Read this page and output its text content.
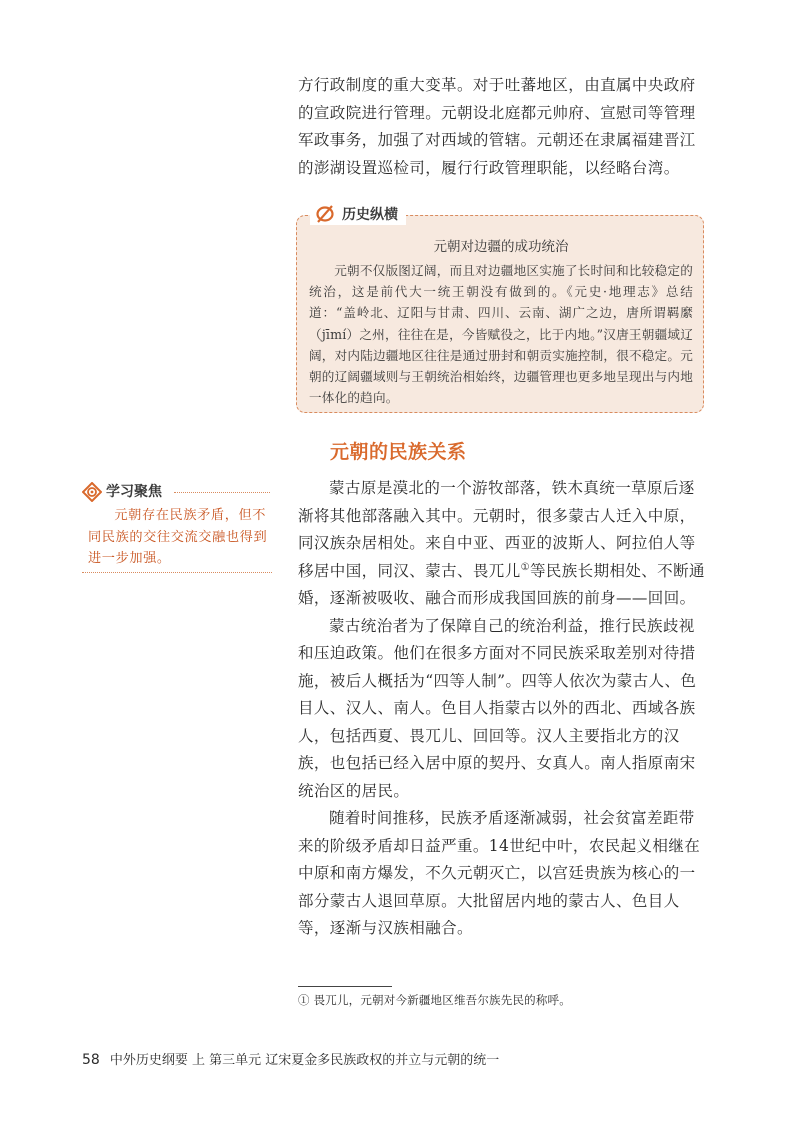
方行政制度的重大变革。对于吐蕃地区，由直属中央政府的宣政院进行管理。元朝设北庭都元帅府、宣慰司等管理军政事务，加强了对西域的管辖。元朝还在隶属福建晋江的澎湖设置巡检司，履行行政管理职能，以经略台湾。

历史纵横
元朝对边疆的成功统治

元朝不仅版图辽阔，而且对边疆地区实施了长时间和比较稳定的统治，这是前代大一统王朝没有做到的。《元史·地理志》总结道：“盖岭北、辽阳与甘肃、四川、云南、湖广之边，唐所谓羁縻（jīmí）之州，往往在是，今皆赋役之，比于内地。”汉唐王朝疆域辽阔，对内陆边疆地区往往是通过册封和朝贡实施控制，很不稳定。元朝的辽阔疆域则与王朝统治相始终，边疆管理也更多地呈现出与内地一体化的趋向。

元朝的民族关系
学习聚焦

元朝存在民族矛盾，但不同民族的交往交流交融也得到进一步加强。

蒙古原是漠北的一个游牧部落，铁木真统一草原后逐渐将其他部落融入其中。元朝时，很多蒙古人迁入中原，同汉族杂居相处。来自中亚、西亚的波斯人、阿拉伯人等移居中国，同汉、蒙古、畏兀儿①等民族长期相处、不断通婚，逐渐被吸收、融合而形成我国回族的前身——回回。

蒙古统治者为了保障自己的统治利益，推行民族歧视和压迫政策。他们在很多方面对不同民族采取差别对待措施，被后人概括为“四等人制”。四等人依次为蒙古人、色目人、汉人、南人。色目人指蒙古以外的西北、西域各族人，包括西夏、畏兀儿、回回等。汉人主要指北方的汉族，也包括已经入居中原的契丹、女真人。南人指原南宋统治区的居民。

随着时间推移，民族矛盾逐渐减弱，社会贫富差距带来的阶级矛盾却日益严重。14世纪中叶，农民起义相继在中原和南方爆发，不久元朝灭亡，以宫廷贵族为核心的一部分蒙古人退回草原。大批留居内地的蒙古人、色目人等，逐渐与汉族相融合。

① 畏兀儿，元朝对今新疆地区维吾尔族先民的称呼。
58 中外历史纲要 上 第三单元 辽宋夏金多民族政权的并立与元朝的统一
